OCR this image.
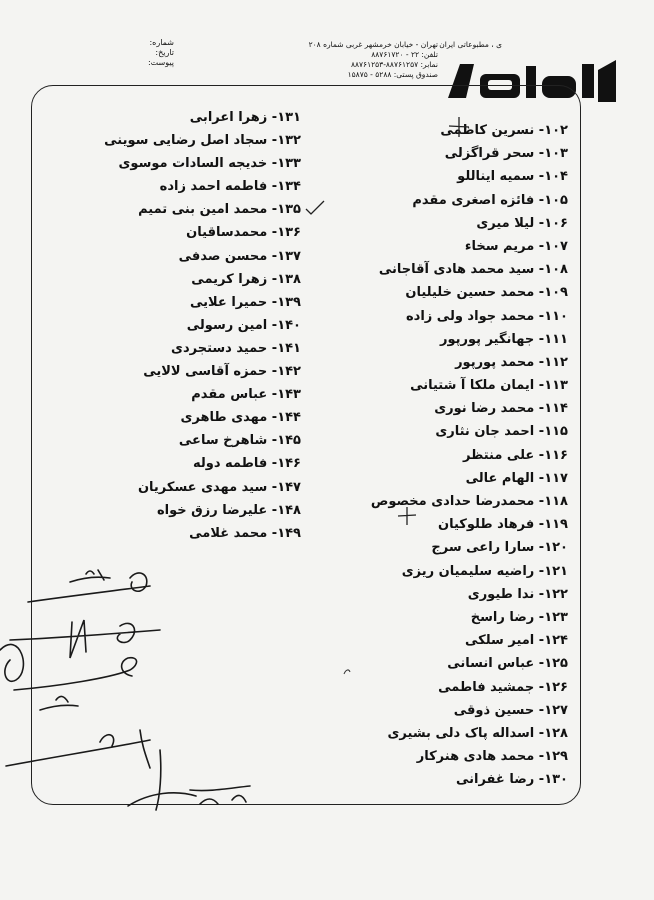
شماره:
تاریخ:
پیوست:
تهران - خیابان خرمشهر غربی شماره ۲۰۸
تلفن: ۲۲ - ۸۸۷۶۱۷۲۰
نمابر: ۸۸۷۶۱۲۵۷-۸۸۷۶۱۲۵۳
صندوق پستی: ۵۲۸۸ - ۱۵۸۷۵
ی ، مطبوعاتی ایران
۱۰۲- نسرین کاظمی
۱۰۳- سحر قراگزلی
۱۰۴- سمیه ایناللو
۱۰۵- فائزه اصغری مقدم
۱۰۶- لیلا میری
۱۰۷- مریم سخاء
۱۰۸- سید محمد هادی آقاجانی
۱۰۹- محمد حسین خلیلیان
۱۱۰- محمد جواد ولی زاده
۱۱۱- جهانگیر پورپور
۱۱۲- محمد پورپور
۱۱۳- ایمان ملکا آ شتیانی
۱۱۴- محمد رضا نوری
۱۱۵- احمد جان نثاری
۱۱۶- علی منتظر
۱۱۷- الهام عالی
۱۱۸- محمدرضا حدادی مخصوص
۱۱۹- فرهاد طلوکیان
۱۲۰- سارا راعی سرج
۱۲۱- راضیه سلیمیان ریزی
۱۲۲- ندا طیوری
۱۲۳- رضا راسخ
۱۲۴- امیر سلکی
۱۲۵- عباس انسانی
۱۲۶- جمشید فاطمی
۱۲۷- حسین ذوقی
۱۲۸- اسداله پاک دلی بشیری
۱۲۹- محمد هادی هنرکار
۱۳۰- رضا غفرانی
۱۳۱- زهرا اعرابی
۱۳۲- سجاد اصل رضایی سوینی
۱۳۳- خدیجه السادات موسوی
۱۳۴- فاطمه احمد زاده
۱۳۵- محمد امین بنی تمیم
۱۳۶- محمدساقیان
۱۳۷- محسن صدفی
۱۳۸- زهرا کریمی
۱۳۹- حمیرا علایی
۱۴۰- امین رسولی
۱۴۱- حمید دستجردی
۱۴۲- حمزه آقاسی لالایی
۱۴۳- عباس مقدم
۱۴۴- مهدی طاهری
۱۴۵- شاهرخ ساعی
۱۴۶- فاطمه دوله
۱۴۷- سید مهدی عسکریان
۱۴۸- علیرضا رزق خواه
۱۴۹- محمد غلامی
